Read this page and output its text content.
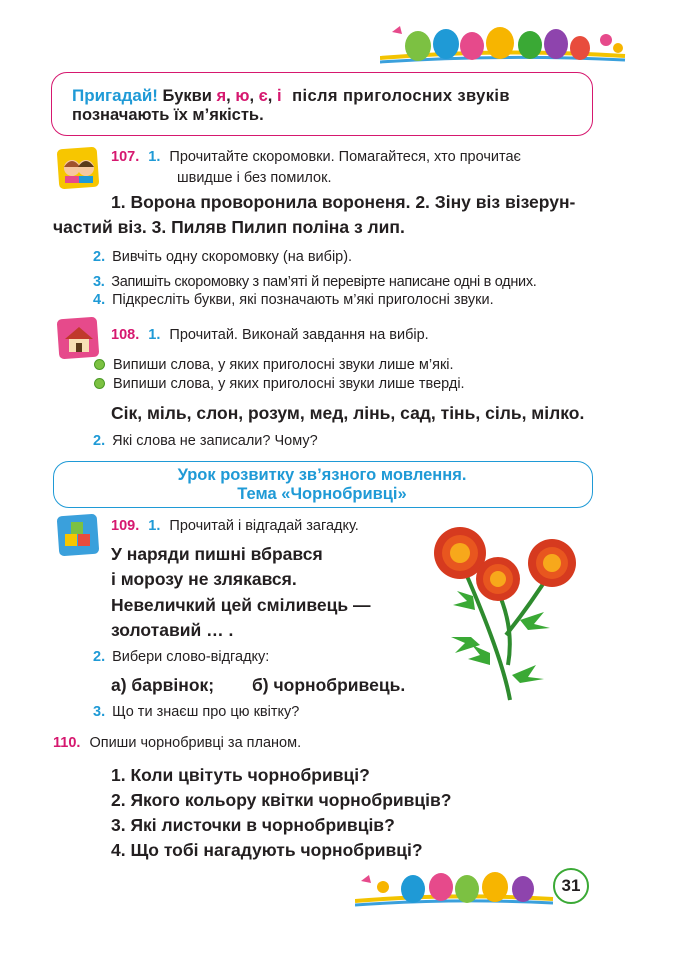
Пригадай! Букви я, ю, є, і після приголосних звуків
позначають їх м’якість.
107. 1. Прочитайте скоромовки. Помагайтеся, хто прочитає
швидше і без помилок.
1. Ворона проворонила вороненя. 2. Зіну віз візерун-
частий віз. 3. Пиляв Пилип поліна з лип.
2. Вивчіть одну скоромовку (на вибір).
3. Запишіть скоромовку з пам’яті й перевірте написане одні в одних.
4. Підкресліть букви, які позначають м’які приголосні звуки.
108. 1. Прочитай. Виконай завдання на вибір.
Випиши слова, у яких приголосні звуки лише м’які.
Випиши слова, у яких приголосні звуки лише тверді.
Сік, міль, слон, розум, мед, лінь, сад, тінь, сіль, мілко.
2. Які слова не записали? Чому?
Урок розвитку зв’язного мовлення.
Тема «Чорнобривці»
109. 1. Прочитай і відгадай загадку.
У наряди пишні вбрався
і морозу не злякався.
Невеличкий цей сміливець —
золотавий … .
2. Вибери слово-відгадку:
а) барвінок; б) чорнобривець.
3. Що ти знаєш про цю квітку?
110. Опиши чорнобривці за планом.
1. Коли цвітуть чорнобривці?
2. Якого кольору квітки чорнобривців?
3. Які листочки в чорнобривців?
4. Що тобі нагадують чорнобривці?
31
